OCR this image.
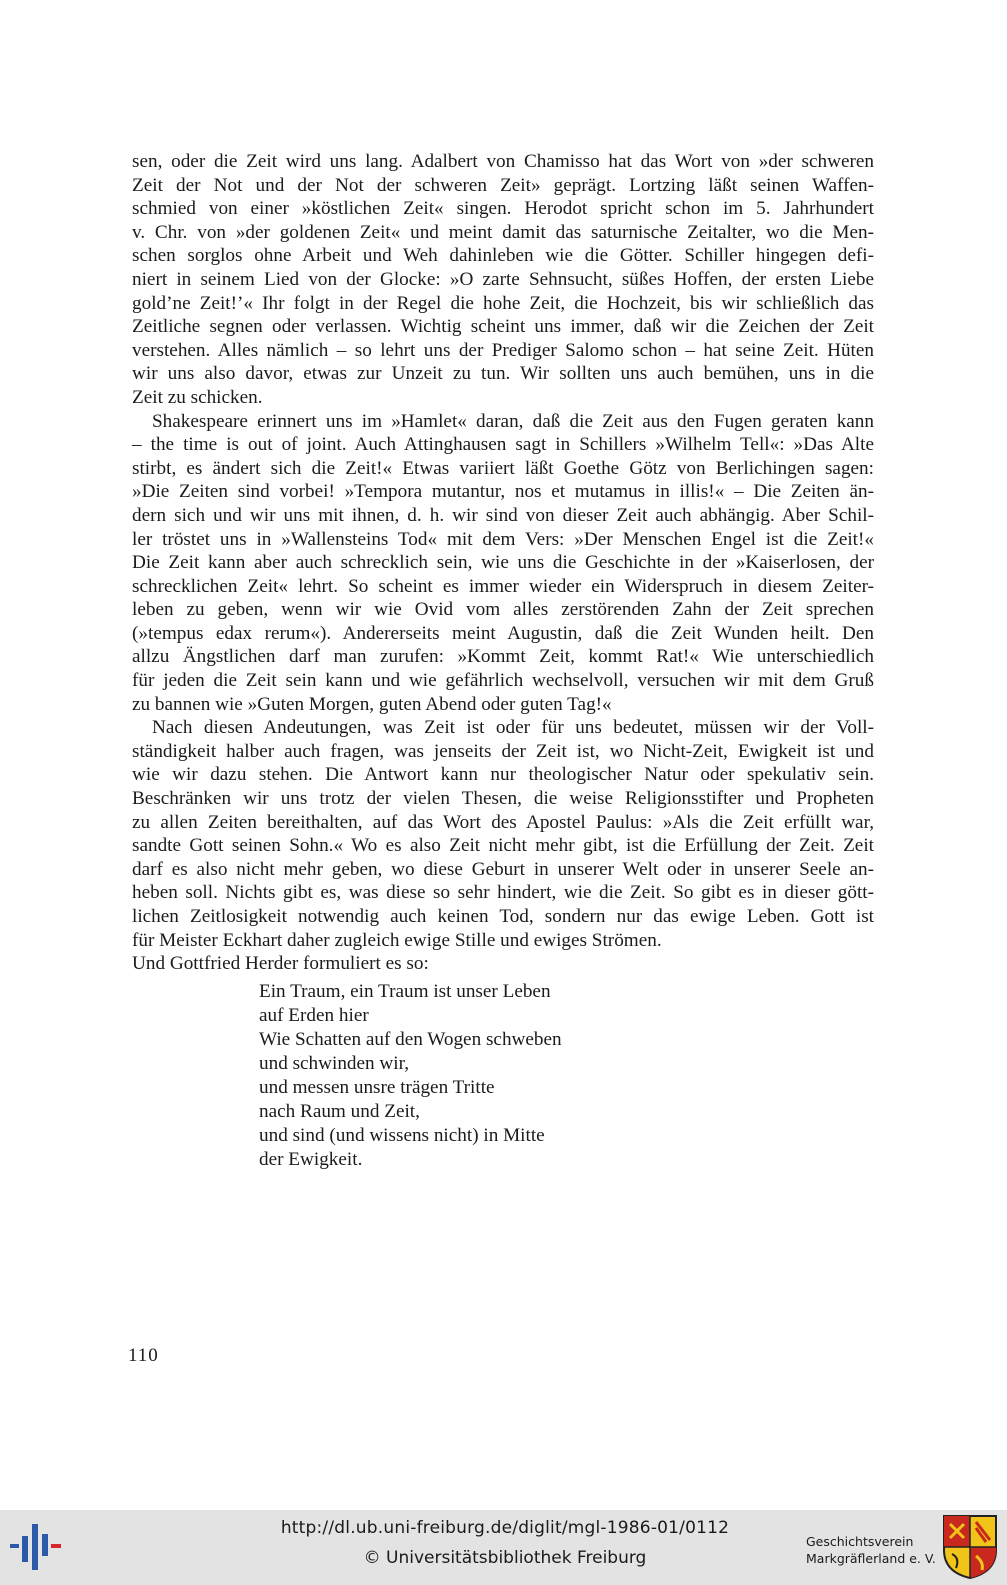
sen, oder die Zeit wird uns lang. Adalbert von Chamisso hat das Wort von »der schweren
Zeit der Not und der Not der schweren Zeit» geprägt. Lortzing läßt seinen Waffen-
schmied von einer »köstlichen Zeit« singen. Herodot spricht schon im 5. Jahrhundert
v. Chr. von »der goldenen Zeit« und meint damit das saturnische Zeitalter, wo die Men-
schen sorglos ohne Arbeit und Weh dahinleben wie die Götter. Schiller hingegen defi-
niert in seinem Lied von der Glocke: »O zarte Sehnsucht, süßes Hoffen, der ersten Liebe
gold’ne Zeit!’« Ihr folgt in der Regel die hohe Zeit, die Hochzeit, bis wir schließlich das
Zeitliche segnen oder verlassen. Wichtig scheint uns immer, daß wir die Zeichen der Zeit
verstehen. Alles nämlich – so lehrt uns der Prediger Salomo schon – hat seine Zeit. Hüten
wir uns also davor, etwas zur Unzeit zu tun. Wir sollten uns auch bemühen, uns in die
Zeit zu schicken.
Shakespeare erinnert uns im »Hamlet« daran, daß die Zeit aus den Fugen geraten kann
– the time is out of joint. Auch Attinghausen sagt in Schillers »Wilhelm Tell«: »Das Alte
stirbt, es ändert sich die Zeit!« Etwas variiert läßt Goethe Götz von Berlichingen sagen:
»Die Zeiten sind vorbei! »Tempora mutantur, nos et mutamus in illis!« – Die Zeiten än-
dern sich und wir uns mit ihnen, d. h. wir sind von dieser Zeit auch abhängig. Aber Schil-
ler tröstet uns in »Wallensteins Tod« mit dem Vers: »Der Menschen Engel ist die Zeit!«
Die Zeit kann aber auch schrecklich sein, wie uns die Geschichte in der »Kaiserlosen, der
schrecklichen Zeit« lehrt. So scheint es immer wieder ein Widerspruch in diesem Zeiter-
leben zu geben, wenn wir wie Ovid vom alles zerstörenden Zahn der Zeit sprechen
(»tempus edax rerum«). Andererseits meint Augustin, daß die Zeit Wunden heilt. Den
allzu Ängstlichen darf man zurufen: »Kommt Zeit, kommt Rat!« Wie unterschiedlich
für jeden die Zeit sein kann und wie gefährlich wechselvoll, versuchen wir mit dem Gruß
zu bannen wie »Guten Morgen, guten Abend oder guten Tag!«
Nach diesen Andeutungen, was Zeit ist oder für uns bedeutet, müssen wir der Voll-
ständigkeit halber auch fragen, was jenseits der Zeit ist, wo Nicht-Zeit, Ewigkeit ist und
wie wir dazu stehen. Die Antwort kann nur theologischer Natur oder spekulativ sein.
Beschränken wir uns trotz der vielen Thesen, die weise Religionsstifter und Propheten
zu allen Zeiten bereithalten, auf das Wort des Apostel Paulus: »Als die Zeit erfüllt war,
sandte Gott seinen Sohn.« Wo es also Zeit nicht mehr gibt, ist die Erfüllung der Zeit. Zeit
darf es also nicht mehr geben, wo diese Geburt in unserer Welt oder in unserer Seele an-
heben soll. Nichts gibt es, was diese so sehr hindert, wie die Zeit. So gibt es in dieser gött-
lichen Zeitlosigkeit notwendig auch keinen Tod, sondern nur das ewige Leben. Gott ist
für Meister Eckhart daher zugleich ewige Stille und ewiges Strömen.
Und Gottfried Herder formuliert es so:
Ein Traum, ein Traum ist unser Leben
auf Erden hier
Wie Schatten auf den Wogen schweben
und schwinden wir,
und messen unsre trägen Tritte
nach Raum und Zeit,
und sind (und wissens nicht) in Mitte
der Ewigkeit.
110
http://dl.ub.uni-freiburg.de/diglit/mgl-1986-01/0112
© Universitätsbibliothek Freiburg
Geschichtsverein
Markgräflerland e. V.
